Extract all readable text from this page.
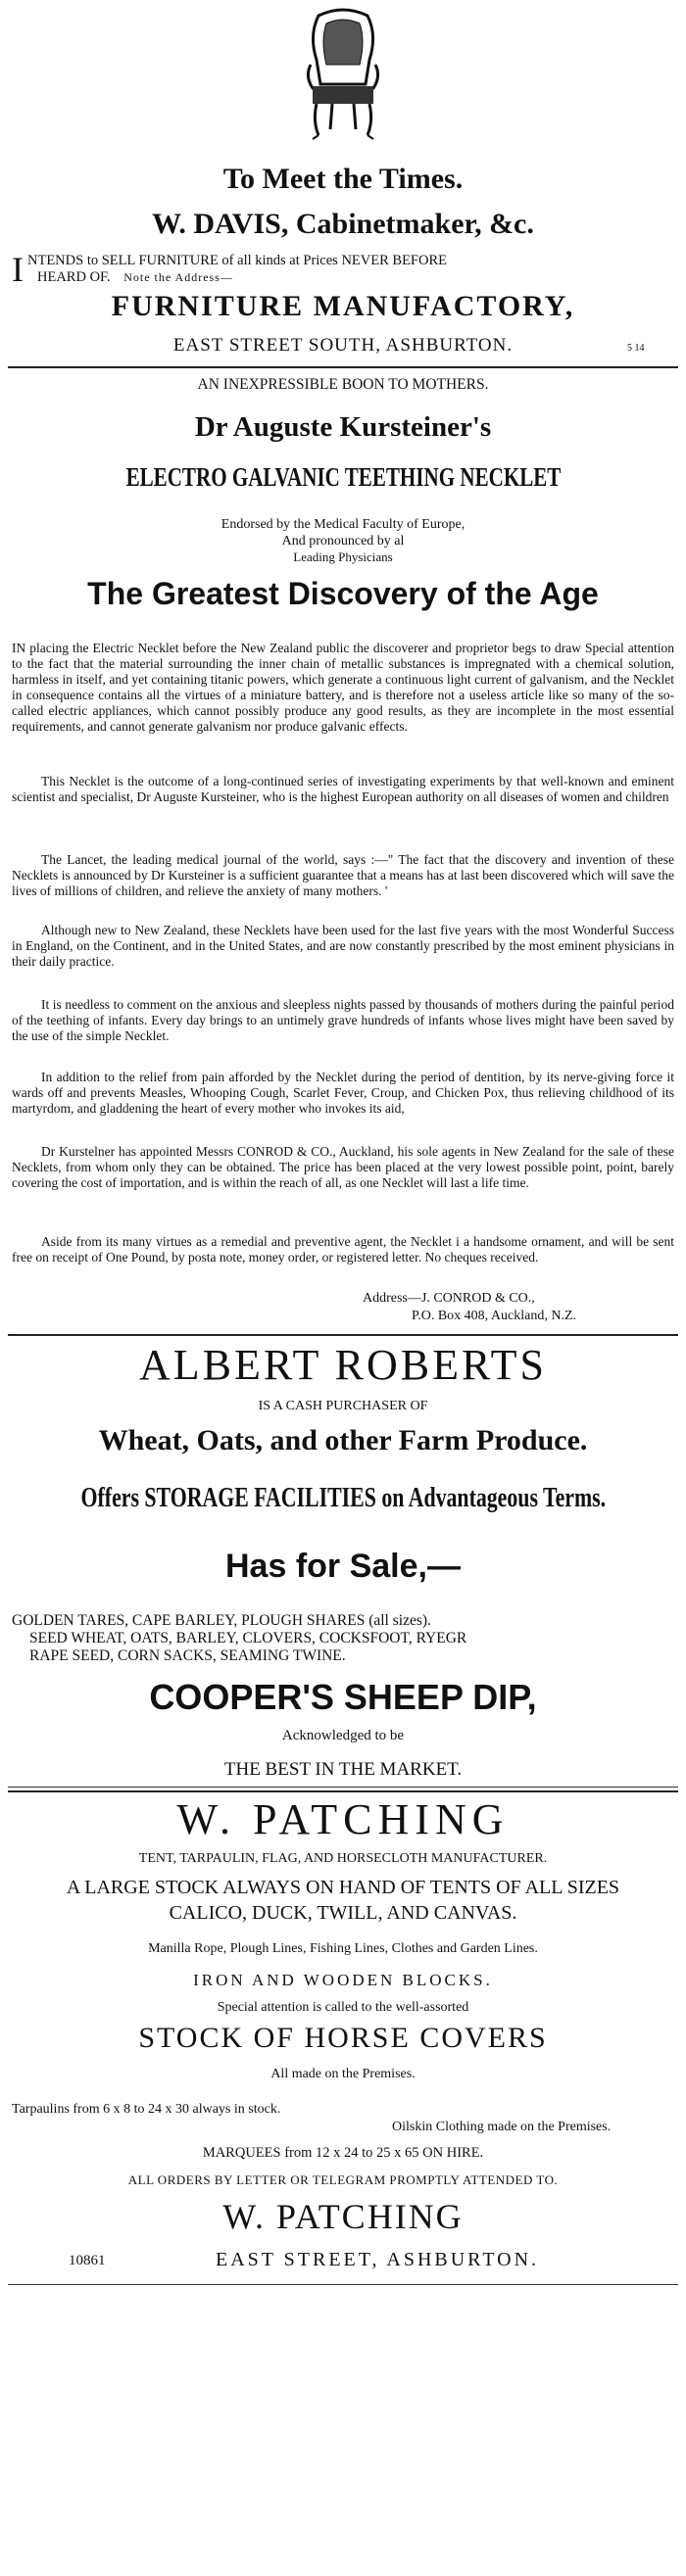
To Meet the Times.
W. DAVIS, Cabinetmaker, &c.
I NTENDS to SELL FURNITURE of all kinds at Prices NEVER BEFORE
HEARD OF. Note the Address—
FURNITURE MANUFACTORY,
EAST STREET SOUTH, ASHBURTON.	5 14
AN INEXPRESSIBLE BOON TO MOTHERS.
Dr Auguste Kursteiner's
ELECTRO GALVANIC TEETHING NECKLET
Endorsed by the Medical Faculty of Europe,
And pronounced by al
Leading Physicians
The Greatest Discovery of the Age
IN placing the Electric Necklet before the New Zealand public the discoverer and proprietor begs to draw Special attention to the fact that the material surrounding the inner chain of metallic substances is impregnated with a chemical solution, harmless in itself, and yet containing titanic powers, which generate a continuous light current of galvanism, and the Necklet in consequence contains all the virtues of a miniature battery, and is therefore not a useless article like so many of the so-called electric appliances, which cannot possibly produce any good results, as they are incomplete in the most essential requirements, and cannot generate galvanism nor produce galvanic effects.
This Necklet is the outcome of a long-continued series of investigating experiments by that well-known and eminent scientist and specialist, Dr Auguste Kursteiner, who is the highest European authority on all diseases of women and children
The Lancet, the leading medical journal of the world, says :—" The fact that the discovery and invention of these Necklets is announced by Dr Kursteiner is a sufficient guarantee that a means has at last been discovered which will save the lives of millions of children, and relieve the anxiety of many mothers. '
Although new to New Zealand, these Necklets have been used for the last five years with the most Wonderful Success in England, on the Continent, and in the United States, and are now constantly prescribed by the most eminent physicians in their daily practice.
It is needless to comment on the anxious and sleepless nights passed by thousands of mothers during the painful period of the teething of infants. Every day brings to an untimely grave hundreds of infants whose lives might have been saved by the use of the simple Necklet.
In addition to the relief from pain afforded by the Necklet during the period of dentition, by its nerve-giving force it wards off and prevents Measles, Whooping Cough, Scarlet Fever, Croup, and Chicken Pox, thus relieving childhood of its martyrdom, and gladdening the heart of every mother who invokes its aid,
Dr Kurstelner has appointed Messrs CONROD & CO., Auckland, his sole agents in New Zealand for the sale of these Necklets, from whom only they can be obtained. The price has been placed at the very lowest possible point, point, barely covering the cost of importation, and is within the reach of all, as one Necklet will last a life time.
Aside from its many virtues as a remedial and preventive agent, the Necklet i a handsome ornament, and will be sent free on receipt of One Pound, by posta note, money order, or registered letter. No cheques received.
Address—J. CONROD & CO.,
P.O. Box 408, Auckland, N.Z.
ALBERT ROBERTS
IS A CASH PURCHASER OF
Wheat, Oats, and other Farm Produce.
Offers STORAGE FACILITIES on Advantageous Terms.
Has for Sale,—
GOLDEN TARES, CAPE BARLEY, PLOUGH SHARES (all sizes).
SEED WHEAT, OATS, BARLEY, CLOVERS, COCKSFOOT, RYEGR
RAPE SEED, CORN SACKS, SEAMING TWINE.
COOPER'S SHEEP DIP,
Acknowledged to be
THE BEST IN THE MARKET.
W. PATCHING
TENT, TARPAULIN, FLAG, AND HORSECLOTH MANUFACTURER.
A LARGE STOCK ALWAYS ON HAND OF TENTS OF ALL SIZES
CALICO, DUCK, TWILL, AND CANVAS.
Manilla Rope, Plough Lines, Fishing Lines, Clothes and Garden Lines.
IRON AND WOODEN BLOCKS.
Special attention is called to the well-assorted
STOCK OF HORSE COVERS
All made on the Premises.
Tarpaulins from 6 x 8 to 24 x 30 always in stock.
Oilskin Clothing made on the Premises.
MARQUEES from 12 x 24 to 25 x 65 ON HIRE.
ALL ORDERS BY LETTER OR TELEGRAM PROMPTLY ATTENDED TO.
W. PATCHING
10861	EAST STREET, ASHBURTON.
